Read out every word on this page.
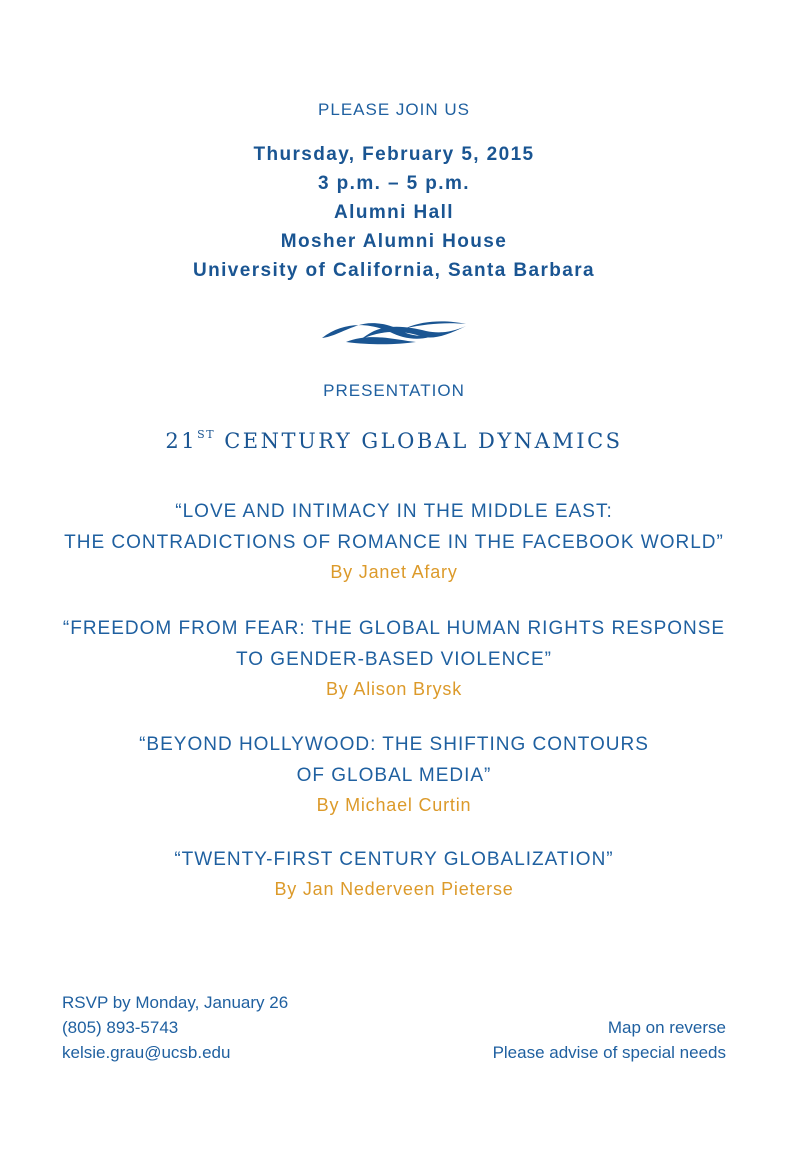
PLEASE JOIN US
Thursday, February 5, 2015
3 p.m. – 5 p.m.
Alumni Hall
Mosher Alumni House
University of California, Santa Barbara
PRESENTATION
21ST CENTURY GLOBAL DYNAMICS
“LOVE AND INTIMACY IN THE MIDDLE EAST:
THE CONTRADICTIONS OF ROMANCE IN THE FACEBOOK WORLD”
By Janet Afary
“FREEDOM FROM FEAR: THE GLOBAL HUMAN RIGHTS RESPONSE
TO GENDER-BASED VIOLENCE”
By Alison Brysk
“BEYOND HOLLYWOOD: THE SHIFTING CONTOURS
OF GLOBAL MEDIA”
By Michael Curtin
“TWENTY-FIRST CENTURY GLOBALIZATION”
By Jan Nederveen Pieterse
RSVP by Monday, January 26
(805) 893-5743
kelsie.grau@ucsb.edu
Map on reverse
Please advise of special needs
